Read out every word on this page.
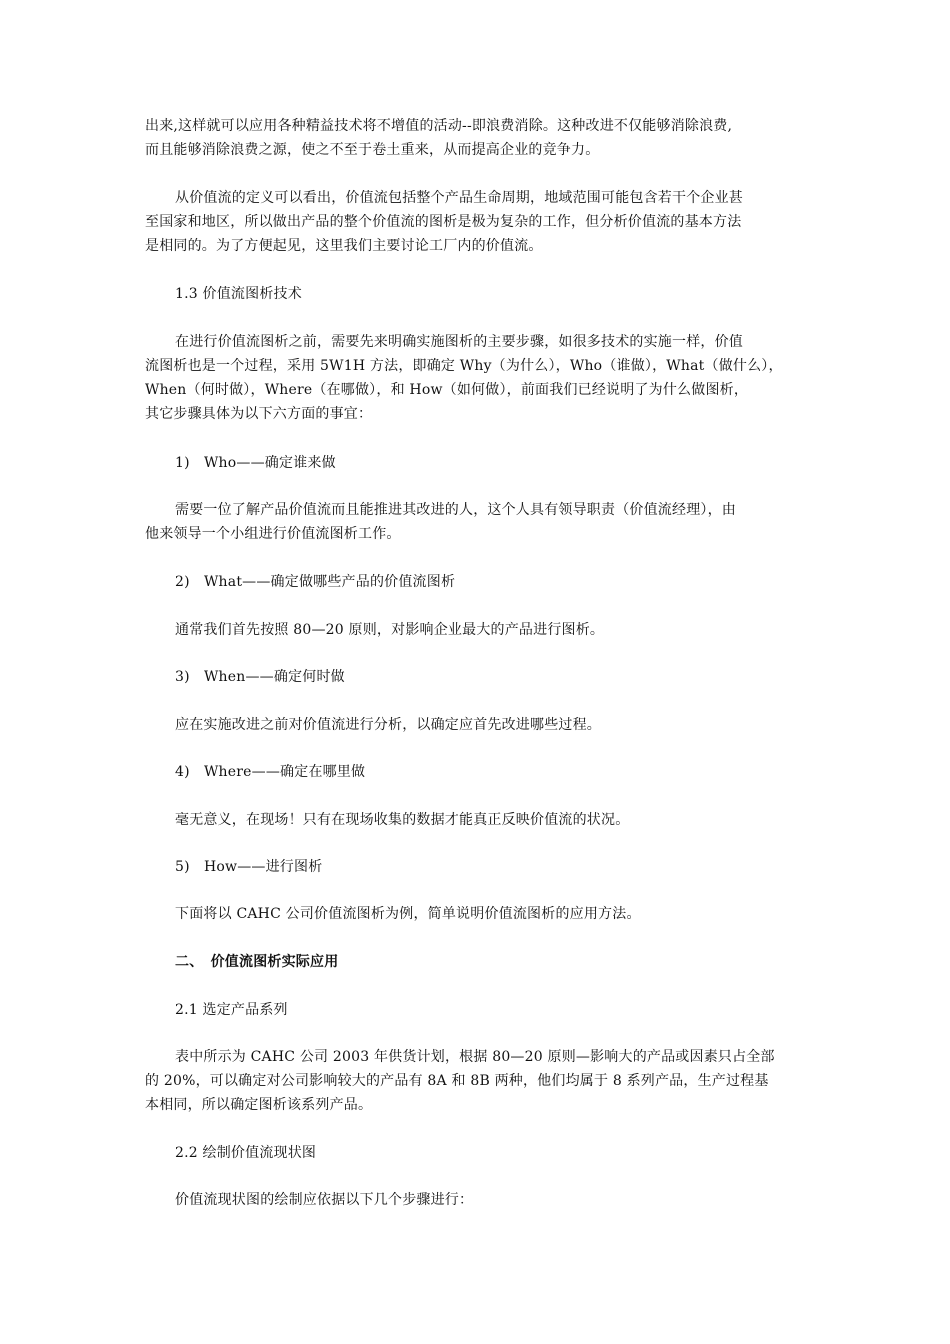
出来,这样就可以应用各种精益技术将不增值的活动--即浪费消除。这种改进不仅能够消除浪费,
而且能够消除浪费之源，使之不至于卷土重来，从而提高企业的竞争力。
从价值流的定义可以看出，价值流包括整个产品生命周期，地域范围可能包含若干个企业甚
至国家和地区，所以做出产品的整个价值流的图析是极为复杂的工作，但分析价值流的基本方法
是相同的。为了方便起见，这里我们主要讨论工厂内的价值流。
1.3 价值流图析技术
在进行价值流图析之前，需要先来明确实施图析的主要步骤，如很多技术的实施一样，价值
流图析也是一个过程，采用 5W1H 方法，即确定 Why（为什么），Who（谁做），What（做什么），
When（何时做），Where（在哪做），和 How（如何做），前面我们已经说明了为什么做图析，
其它步骤具体为以下六方面的事宜：
1)　Who——确定谁来做
需要一位了解产品价值流而且能推进其改进的人，这个人具有领导职责（价值流经理），由
他来领导一个小组进行价值流图析工作。
2)　What——确定做哪些产品的价值流图析
通常我们首先按照 80—20 原则，对影响企业最大的产品进行图析。
3)　When——确定何时做
应在实施改进之前对价值流进行分析，以确定应首先改进哪些过程。
4)　Where——确定在哪里做
毫无意义，在现场！只有在现场收集的数据才能真正反映价值流的状况。
5)　How——进行图析
下面将以 CAHC 公司价值流图析为例，简单说明价值流图析的应用方法。
二、　价值流图析实际应用
2.1 选定产品系列
表中所示为 CAHC 公司 2003 年供货计划，根据 80—20 原则—影响大的产品或因素只占全部
的 20%，可以确定对公司影响较大的产品有 8A 和 8B 两种，他们均属于 8 系列产品，生产过程基
本相同，所以确定图析该系列产品。
2.2 绘制价值流现状图
价值流现状图的绘制应依据以下几个步骤进行：
